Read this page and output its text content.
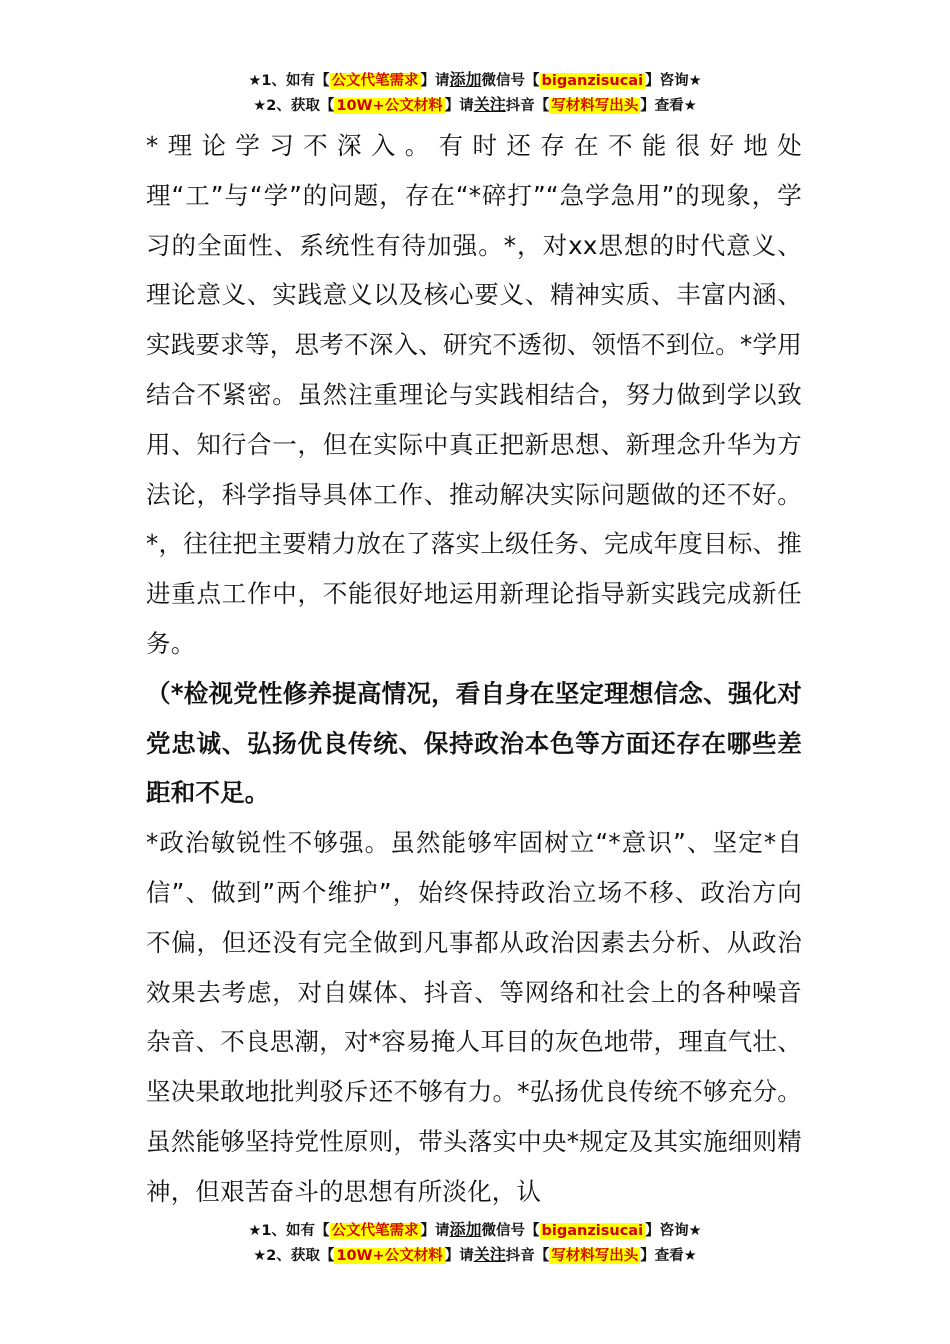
★1、如有【 公文代笔需求 】请添加微信号【 biganzisucai 】咨询★
★2、获取【 10W+公文材料 】请关注抖音【 写材料写出头 】查看★

*理论学习不深入。有时还存在不能很好地处理“工”与“学”的问题，存在“*碎打”“急学急用”的现象，学习的全面性、系统性有待加强。*，对xx思想的时代意义、理论意义、实践意义以及核心要义、精神实质、丰富内涵、实践要求等，思考不深入、研究不透彻、领悟不到位。*学用结合不紧密。虽然注重理论与实践相结合，努力做到学以致用、知行合一，但在实际中真正把新思想、新理念升华为方法论，科学指导具体工作、推动解决实际问题做的还不好。*，往往把主要精力放在了落实上级任务、完成年度目标、推进重点工作中，不能很好地运用新理论指导新实践完成新任务。

（*检视党性修养提高情况，看自身在坚定理想信念、强化对党忠诚、弘扬优良传统、保持政治本色等方面还存在哪些差距和不足。

*政治敏锐性不够强。虽然能够牢固树立“*意识”、坚定*自信”、做到”两个维护”，始终保持政治立场不移、政治方向不偏，但还没有完全做到凡事都从政治因素去分析、从政治效果去考虑，对自媒体、抖音、等网络和社会上的各种噪音杂音、不良思潮，对*容易掩人耳目的灰色地带，理直气壮、坚决果敢地批判驳斥还不够有力。*弘扬优良传统不够充分。虽然能够坚持党性原则，带头落实中央*规定及其实施细则精神，但艰苦奋斗的思想有所淡化，认

★1、如有【 公文代笔需求 】请添加微信号【 biganzisucai 】咨询★
★2、获取【 10W+公文材料 】请关注抖音【 写材料写出头 】查看★
